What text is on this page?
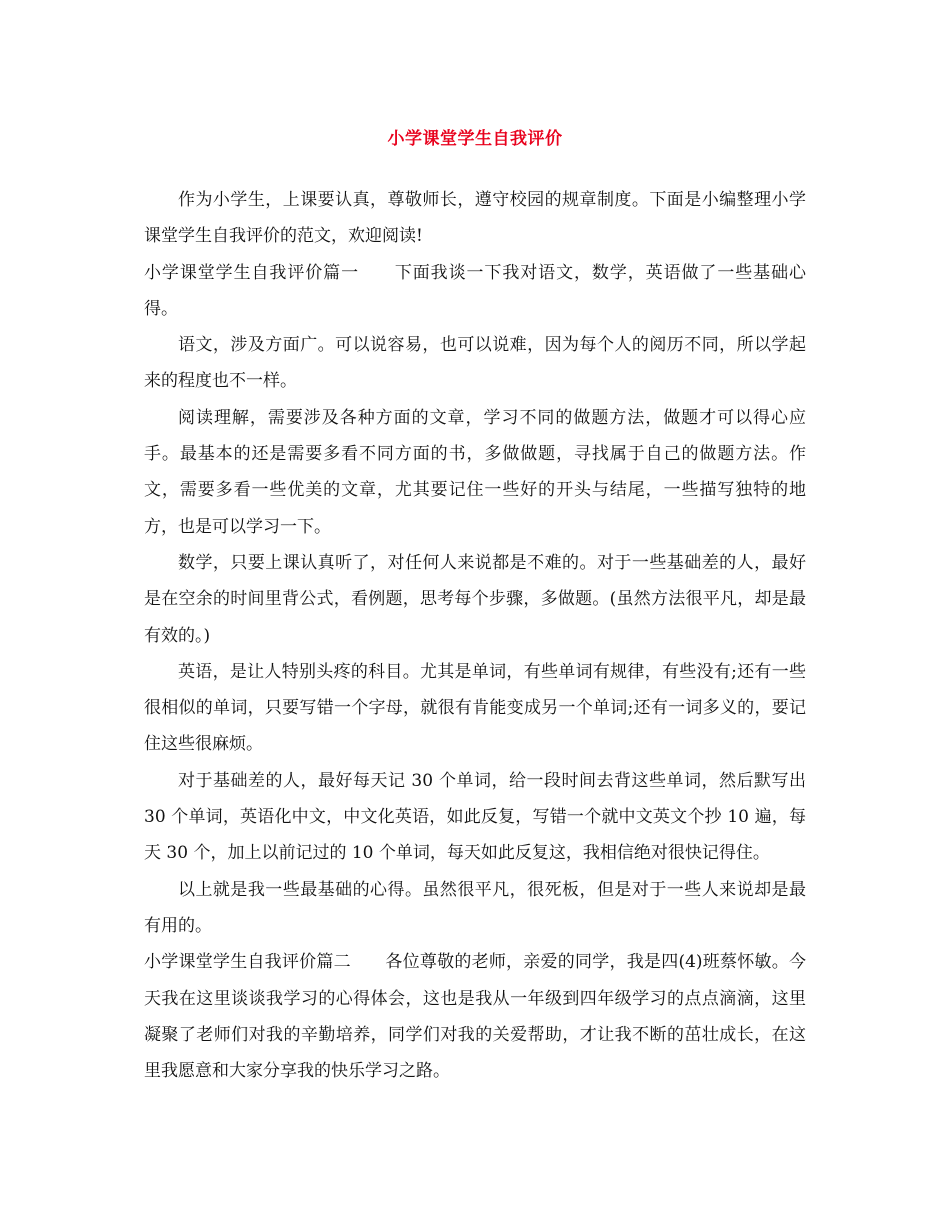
小学课堂学生自我评价

作为小学生，上课要认真，尊敬师长，遵守校园的规章制度。下面是小编整理小学课堂学生自我评价的范文，欢迎阅读!

小学课堂学生自我评价篇一　　下面我谈一下我对语文，数学，英语做了一些基础心得。

语文，涉及方面广。可以说容易，也可以说难，因为每个人的阅历不同，所以学起来的程度也不一样。

阅读理解，需要涉及各种方面的文章，学习不同的做题方法，做题才可以得心应手。最基本的还是需要多看不同方面的书，多做做题，寻找属于自己的做题方法。作文，需要多看一些优美的文章，尤其要记住一些好的开头与结尾，一些描写独特的地方，也是可以学习一下。

数学，只要上课认真听了，对任何人来说都是不难的。对于一些基础差的人，最好是在空余的时间里背公式，看例题，思考每个步骤，多做题。(虽然方法很平凡，却是最有效的。)

英语，是让人特别头疼的科目。尤其是单词，有些单词有规律，有些没有;还有一些很相似的单词，只要写错一个字母，就很有肯能变成另一个单词;还有一词多义的，要记住这些很麻烦。

对于基础差的人，最好每天记 30 个单词，给一段时间去背这些单词，然后默写出 30 个单词，英语化中文，中文化英语，如此反复，写错一个就中文英文个抄 10 遍，每天 30 个，加上以前记过的 10 个单词，每天如此反复这，我相信绝对很快记得住。

以上就是我一些最基础的心得。虽然很平凡，很死板，但是对于一些人来说却是最有用的。

小学课堂学生自我评价篇二　　各位尊敬的老师，亲爱的同学，我是四(4)班蔡怀敏。今天我在这里谈谈我学习的心得体会，这也是我从一年级到四年级学习的点点滴滴，这里凝聚了老师们对我的辛勤培养，同学们对我的关爱帮助，才让我不断的茁壮成长，在这里我愿意和大家分享我的快乐学习之路。
